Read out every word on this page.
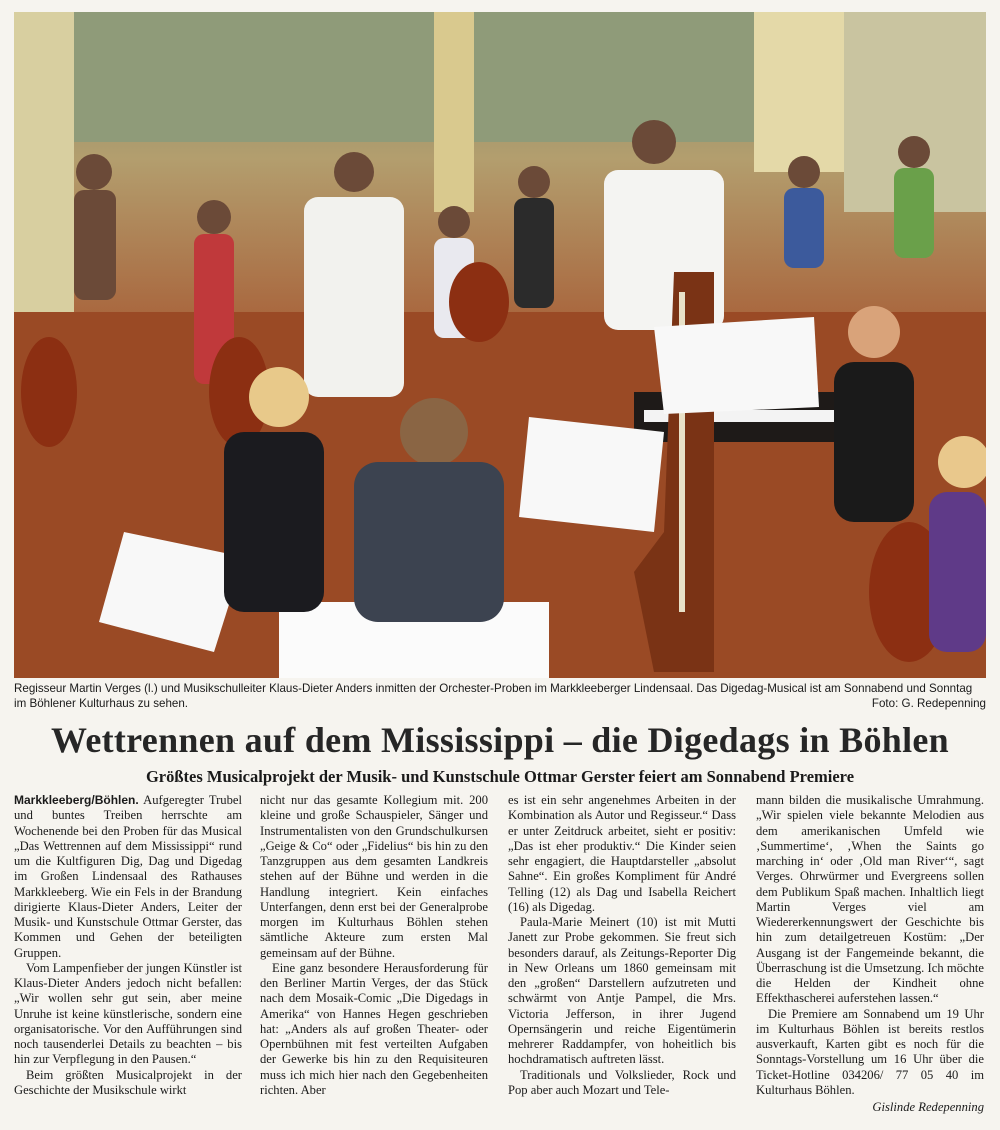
Regisseur Martin Verges (l.) und Musikschulleiter Klaus-Dieter Anders inmitten der Orchester-Proben im Markkleeberger Lindensaal. Das Digedag-Musical ist am Sonnabend und Sonntag im Böhlener Kulturhaus zu sehen.	Foto: G. Redepenning
Wettrennen auf dem Mississippi – die Digedags in Böhlen
Größtes Musicalprojekt der Musik- und Kunstschule Ottmar Gerster feiert am Sonnabend Premiere

Markkleeberg/Böhlen. Aufgeregter Trubel und buntes Treiben herrschte am Wochenende bei den Proben für das Musical „Das Wettrennen auf dem Mississippi“ rund um die Kultfiguren Dig, Dag und Digedag im Großen Lindensaal des Rathauses Markkleeberg. Wie ein Fels in der Brandung dirigierte Klaus-Dieter Anders, Leiter der Musik- und Kunstschule Ottmar Gerster, das Kommen und Gehen der beteiligten Gruppen.

Vom Lampenfieber der jungen Künstler ist Klaus-Dieter Anders jedoch nicht befallen: „Wir wollen sehr gut sein, aber meine Unruhe ist keine künstlerische, sondern eine organisatorische. Vor den Aufführungen sind noch tausenderlei Details zu beachten – bis hin zur Verpflegung in den Pausen.“

Beim größten Musicalprojekt in der Geschichte der Musikschule wirkt

nicht nur das gesamte Kollegium mit. 200 kleine und große Schauspieler, Sänger und Instrumentalisten von den Grundschulkursen „Geige & Co“ oder „Fidelius“ bis hin zu den Tanzgruppen aus dem gesamten Landkreis stehen auf der Bühne und werden in die Handlung integriert. Kein einfaches Unterfangen, denn erst bei der Generalprobe morgen im Kulturhaus Böhlen stehen sämtliche Akteure zum ersten Mal gemeinsam auf der Bühne.

Eine ganz besondere Herausforderung für den Berliner Martin Verges, der das Stück nach dem Mosaik-Comic „Die Digedags in Amerika“ von Hannes Hegen geschrieben hat: „Anders als auf großen Theater- oder Opernbühnen mit fest verteilten Aufgaben der Gewerke bis hin zu den Requisiteuren muss ich mich hier nach den Gegebenheiten richten. Aber

es ist ein sehr angenehmes Arbeiten in der Kombination als Autor und Regisseur.“ Dass er unter Zeitdruck arbeitet, sieht er positiv: „Das ist eher produktiv.“ Die Kinder seien sehr engagiert, die Hauptdarsteller „absolut Sahne“. Ein großes Kompliment für André Telling (12) als Dag und Isabella Reichert (16) als Digedag.

Paula-Marie Meinert (10) ist mit Mutti Janett zur Probe gekommen. Sie freut sich besonders darauf, als Zeitungs-Reporter Dig in New Orleans um 1860 gemeinsam mit den „großen“ Darstellern aufzutreten und schwärmt von Antje Pampel, die Mrs. Victoria Jefferson, in ihrer Jugend Opernsängerin und reiche Eigentümerin mehrerer Raddampfer, von hoheitlich bis hochdramatisch auftreten lässt.

Traditionals und Volkslieder, Rock und Pop aber auch Mozart und Tele-

mann bilden die musikalische Umrahmung. „Wir spielen viele bekannte Melodien aus dem amerikanischen Umfeld wie ‚Summertime‘, ‚When the Saints go marching in‘ oder ‚Old man River‘“, sagt Verges. Ohrwürmer und Evergreens sollen dem Publikum Spaß machen. Inhaltlich liegt Martin Verges viel am Wiedererkennungswert der Geschichte bis hin zum detailgetreuen Kostüm: „Der Ausgang ist der Fangemeinde bekannt, die Überraschung ist die Umsetzung. Ich möchte die Helden der Kindheit ohne Effekthascherei auferstehen lassen.“

Die Premiere am Sonnabend um 19 Uhr im Kulturhaus Böhlen ist bereits restlos ausverkauft, Karten gibt es noch für die Sonntags-Vorstellung um 16 Uhr über die Ticket-Hotline 034206/ 77 05 40 im Kulturhaus Böhlen.

Gislinde Redepenning
